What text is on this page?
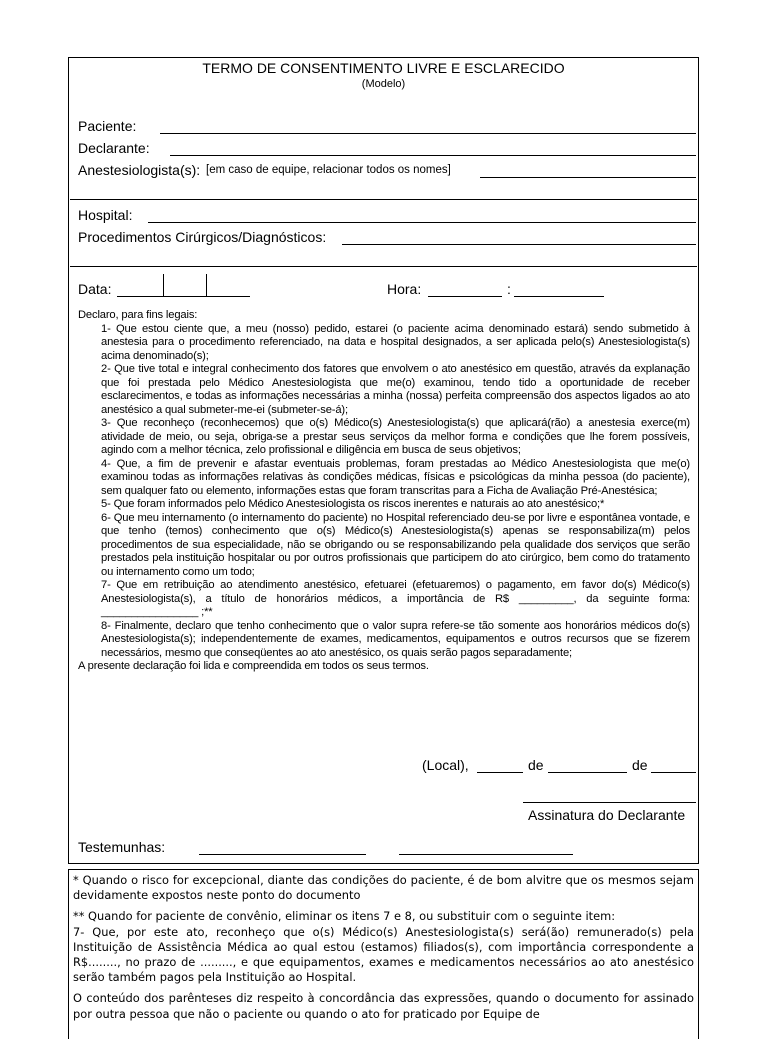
TERMO DE CONSENTIMENTO LIVRE E ESCLARECIDO
(Modelo)
Paciente:
Declarante:
Anestesiologista(s): [em caso de equipe, relacionar todos os nomes]
Hospital:
Procedimentos Cirúrgicos/Diagnósticos:
Data:	Hora:	:

Declaro, para fins legais:

1- Que estou ciente que, a meu (nosso) pedido, estarei (o paciente acima denominado estará) sendo submetido à anestesia para o procedimento referenciado, na data e hospital designados, a ser aplicada pelo(s) Anestesiologista(s) acima denominado(s);

2- Que tive total e integral conhecimento dos fatores que envolvem o ato anestésico em questão, através da explanação que foi prestada pelo Médico Anestesiologista que me(o) examinou, tendo tido a oportunidade de receber esclarecimentos, e todas as informações necessárias a minha (nossa) perfeita compreensão dos aspectos ligados ao ato anestésico a qual submeter-me-ei (submeter-se-á);

3- Que reconheço (reconhecemos) que o(s) Médico(s) Anestesiologista(s) que aplicará(rão) a anestesia exerce(m) atividade de meio, ou seja, obriga-se a prestar seus serviços da melhor forma e condições que lhe forem possíveis, agindo com a melhor técnica, zelo profissional e diligência em busca de seus objetivos;

4- Que, a fim de prevenir e afastar eventuais problemas, foram prestadas ao Médico Anestesiologista que me(o) examinou todas as informações relativas às condições médicas, físicas e psicológicas da minha pessoa (do paciente), sem qualquer fato ou elemento, informações estas que foram transcritas para a Ficha de Avaliação Pré-Anestésica;

5- Que foram informados pelo Médico Anestesiologista os riscos inerentes e naturais ao ato anestésico;*

6- Que meu internamento (o internamento do paciente) no Hospital referenciado deu-se por livre e espontânea vontade, e que tenho (temos) conhecimento que o(s) Médico(s) Anestesiologista(s) apenas se responsabiliza(m) pelos procedimentos de sua especialidade, não se obrigando ou se responsabilizando pela qualidade dos serviços que serão prestados pela instituição hospitalar ou por outros profissionais que participem do ato cirúrgico, bem como do tratamento ou internamento como um todo;

7- Que em retribuição ao atendimento anestésico, efetuarei (efetuaremos) o pagamento, em favor do(s) Médico(s) Anestesiologista(s), a título de honorários médicos, a importância de R$ _________, da seguinte forma: ________________ ;**

8- Finalmente, declaro que tenho conhecimento que o valor supra refere-se tão somente aos honorários médicos do(s) Anestesiologista(s); independentemente de exames, medicamentos, equipamentos e outros recursos que se fizerem necessários, mesmo que conseqüentes ao ato anestésico, os quais serão pagos separadamente;

A presente declaração foi lida e compreendida em todos os seus termos.

(Local),	de	de
Assinatura do Declarante
Testemunhas:

* Quando o risco for excepcional, diante das condições do paciente, é de bom alvitre que os mesmos sejam devidamente expostos neste ponto do documento

** Quando for paciente de convênio, eliminar os itens 7 e 8, ou substituir com o seguinte item:

7- Que, por este ato, reconheço que o(s) Médico(s) Anestesiologista(s) será(ão) remunerado(s) pela Instituição de Assistência Médica ao qual estou (estamos) filiados(s), com importância correspondente a R$........, no prazo de ........., e que equipamentos, exames e medicamentos necessários ao ato anestésico serão também pagos pela Instituição ao Hospital.

O conteúdo dos parênteses diz respeito à concordância das expressões, quando o documento for assinado por outra pessoa que não o paciente ou quando o ato for praticado por Equipe de
